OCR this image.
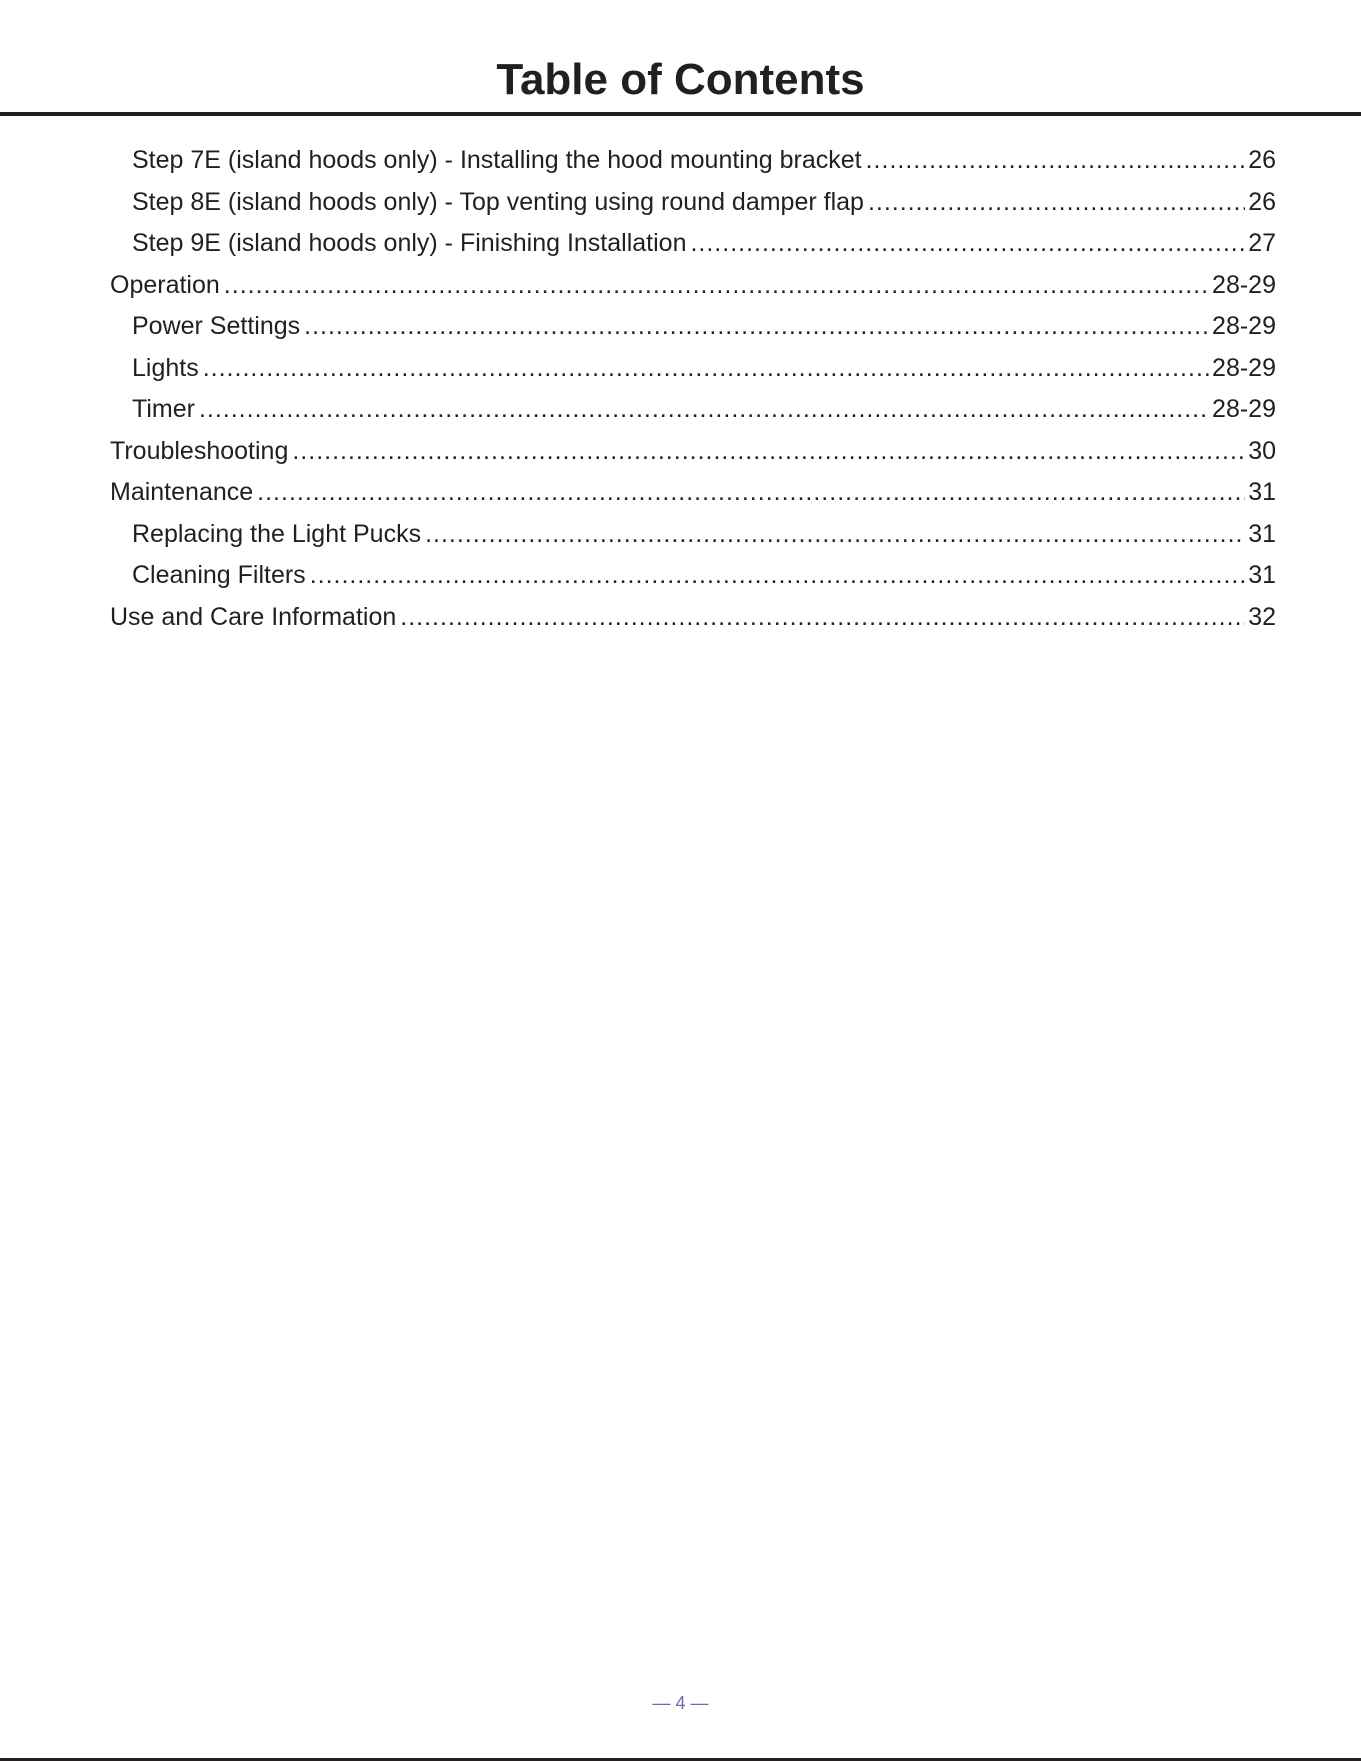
Table of Contents
Step 7E (island hoods only) - Installing the hood mounting bracket .....	26
Step 8E (island hoods only) - Top venting using round damper flap .....	26
Step 9E (island hoods only) - Finishing Installation .....	27
Operation .....	28-29
Power Settings .....	28-29
Lights .....	28-29
Timer .....	28-29
Troubleshooting .....	30
Maintenance .....	31
Replacing the Light Pucks .....	31
Cleaning Filters .....	31
Use and Care Information .....	32
— 4 —
